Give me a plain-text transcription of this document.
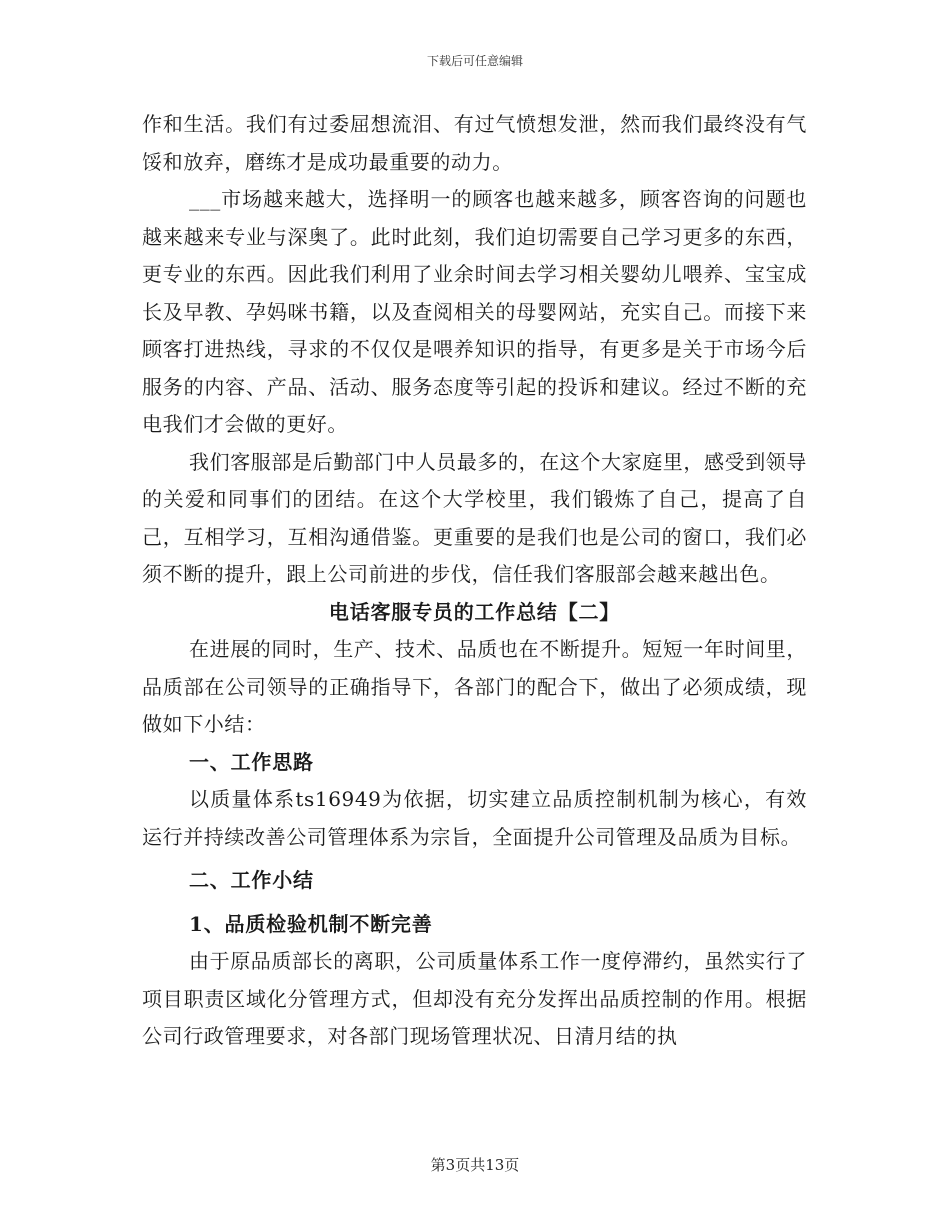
下载后可任意编辑

作和生活。我们有过委屈想流泪、有过气愤想发泄，然而我们最终没有气馁和放弃，磨练才是成功最重要的动力。

___市场越来越大，选择明一的顾客也越来越多，顾客咨询的问题也越来越来专业与深奥了。此时此刻，我们迫切需要自己学习更多的东西，更专业的东西。因此我们利用了业余时间去学习相关婴幼儿喂养、宝宝成长及早教、孕妈咪书籍，以及查阅相关的母婴网站，充实自己。而接下来顾客打进热线，寻求的不仅仅是喂养知识的指导，有更多是关于市场今后服务的内容、产品、活动、服务态度等引起的投诉和建议。经过不断的充电我们才会做的更好。

我们客服部是后勤部门中人员最多的，在这个大家庭里，感受到领导的关爱和同事们的团结。在这个大学校里，我们锻炼了自己，提高了自己，互相学习，互相沟通借鉴。更重要的是我们也是公司的窗口，我们必须不断的提升，跟上公司前进的步伐，信任我们客服部会越来越出色。

电话客服专员的工作总结【二】

在进展的同时，生产、技术、品质也在不断提升。短短一年时间里，品质部在公司领导的正确指导下，各部门的配合下，做出了必须成绩，现做如下小结：

一、工作思路

以质量体系ts16949为依据，切实建立品质控制机制为核心，有效运行并持续改善公司管理体系为宗旨，全面提升公司管理及品质为目标。

二、工作小结

1、品质检验机制不断完善

由于原品质部长的离职，公司质量体系工作一度停滞约，虽然实行了项目职责区域化分管理方式，但却没有充分发挥出品质控制的作用。根据公司行政管理要求，对各部门现场管理状况、日清月结的执

第3页共13页
